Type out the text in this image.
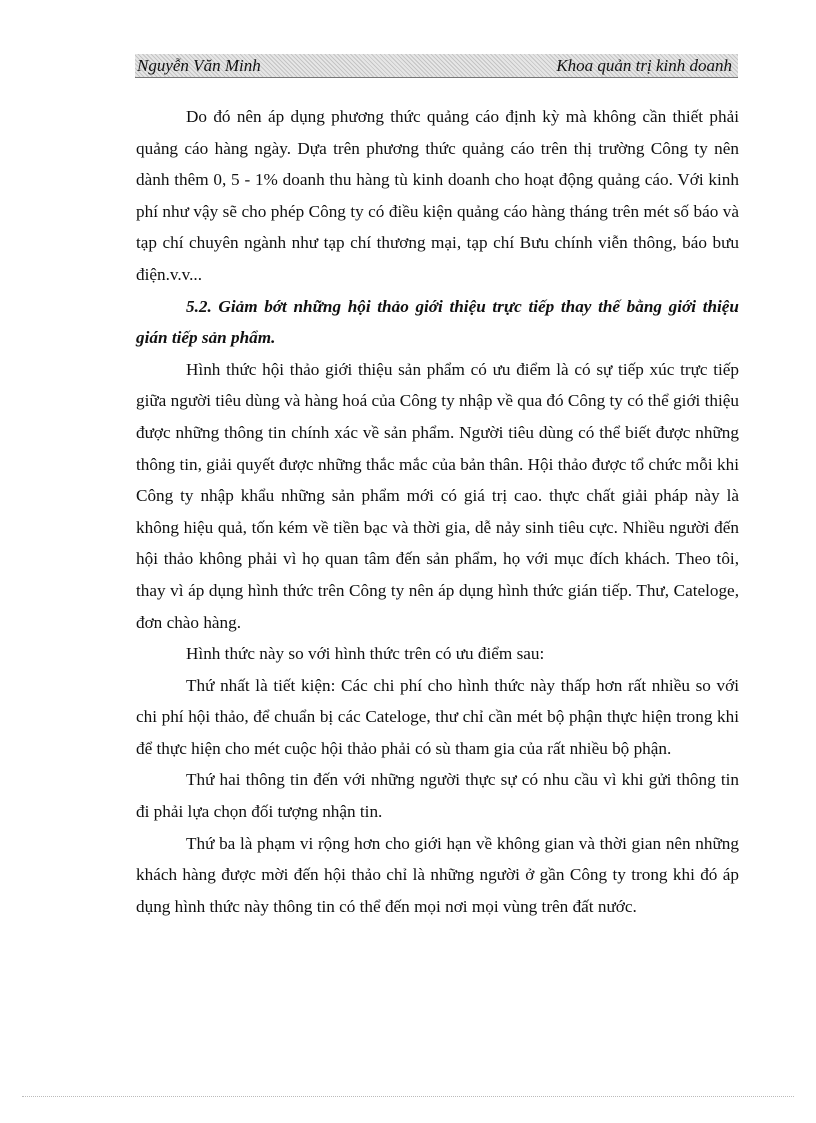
Nguyễn Văn Minh	Khoa quản trị kinh doanh

Do đó nên áp dụng phương thức quảng cáo định kỳ mà không cần thiết phải quảng cáo hàng ngày. Dựa trên phương thức quảng cáo trên thị trường Công ty nên dành thêm 0, 5 - 1% doanh thu hàng tù kinh doanh cho hoạt động quảng cáo. Với kinh phí như vậy sẽ cho phép Công ty có điều kiện quảng cáo hàng tháng trên mét số báo và tạp chí chuyên ngành như tạp chí thương mại, tạp chí Bưu chính viễn thông, báo bưu điện.v.v...

5.2. Giảm bớt những hội thảo giới thiệu trực tiếp thay thế bằng giới thiệu gián tiếp sản phẩm.

Hình thức hội thảo giới thiệu sản phẩm có ưu điểm là có sự tiếp xúc trực tiếp giữa người tiêu dùng và hàng hoá của Công ty nhập về qua đó Công ty có thể giới thiệu được những thông tin chính xác về sản phẩm. Người tiêu dùng có thể biết được những thông tin, giải quyết được những thắc mắc của bản thân. Hội thảo được tổ chức mỗi khi Công ty nhập khẩu những sản phẩm mới có giá trị cao. thực chất giải pháp này là không hiệu quả, tốn kém về tiền bạc và thời gia, dễ nảy sinh tiêu cực. Nhiều người đến hội thảo không phải vì họ quan tâm đến sản phẩm, họ với mục đích khách. Theo tôi, thay vì áp dụng hình thức trên Công ty nên áp dụng hình thức gián tiếp. Thư, Cateloge, đơn chào hàng.

Hình thức này so với hình thức trên có ưu điểm sau:

Thứ nhất là tiết kiện: Các chi phí cho hình thức này thấp hơn rất nhiều so với chi phí hội thảo, để chuẩn bị các Cateloge, thư chỉ cần mét bộ phận thực hiện trong khi để thực hiện cho mét cuộc hội thảo phải có sù tham gia của rất nhiều bộ phận.

Thứ hai thông tin đến với những người thực sự có nhu cầu vì khi gửi thông tin đi phải lựa chọn đối tượng nhận tin.

Thứ ba là phạm vi rộng hơn cho giới hạn về không gian và thời gian nên những khách hàng được mời đến hội thảo chỉ là những người ở gần Công ty trong khi đó áp dụng hình thức này thông tin có thể đến mọi nơi mọi vùng trên đất nước.
